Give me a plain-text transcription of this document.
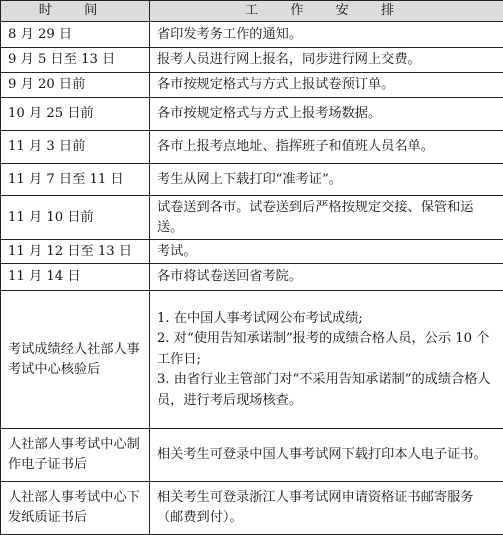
时 间	工 作 安 排
8 月 29 日	省印发考务工作的通知。
9 月 5 日至 13 日	报考人员进行网上报名，同步进行网上交费。
9 月 20 日前	各市按规定格式与方式上报试卷预订单。
10 月 25 日前	各市按规定格式与方式上报考场数据。
11 月 3 日前	各市上报考点地址、指挥班子和值班人员名单。
11 月 7 日至 11 日	考生从网上下载打印“准考证”。
11 月 10 日前	试卷送到各市。试卷送到后严格按规定交接、保管和运送。
11 月 12 日至 13 日	考试。
11 月 14 日	各市将试卷送回省考院。
考试成绩经人社部人事考试中心核验后	1. 在中国人事考试网公布考试成绩;
2. 对“使用告知承诺制”报考的成绩合格人员，公示 10 个工作日;
3. 由省行业主管部门对“不采用告知承诺制”的成绩合格人员，进行考后现场核查。

人社部人事考试中心制作电子证书后	相关考生可登录中国人事考试网下载打印本人电子证书。
人社部人事考试中心下发纸质证书后	相关考生可登录浙江人事考试网申请资格证书邮寄服务（邮费到付）。
